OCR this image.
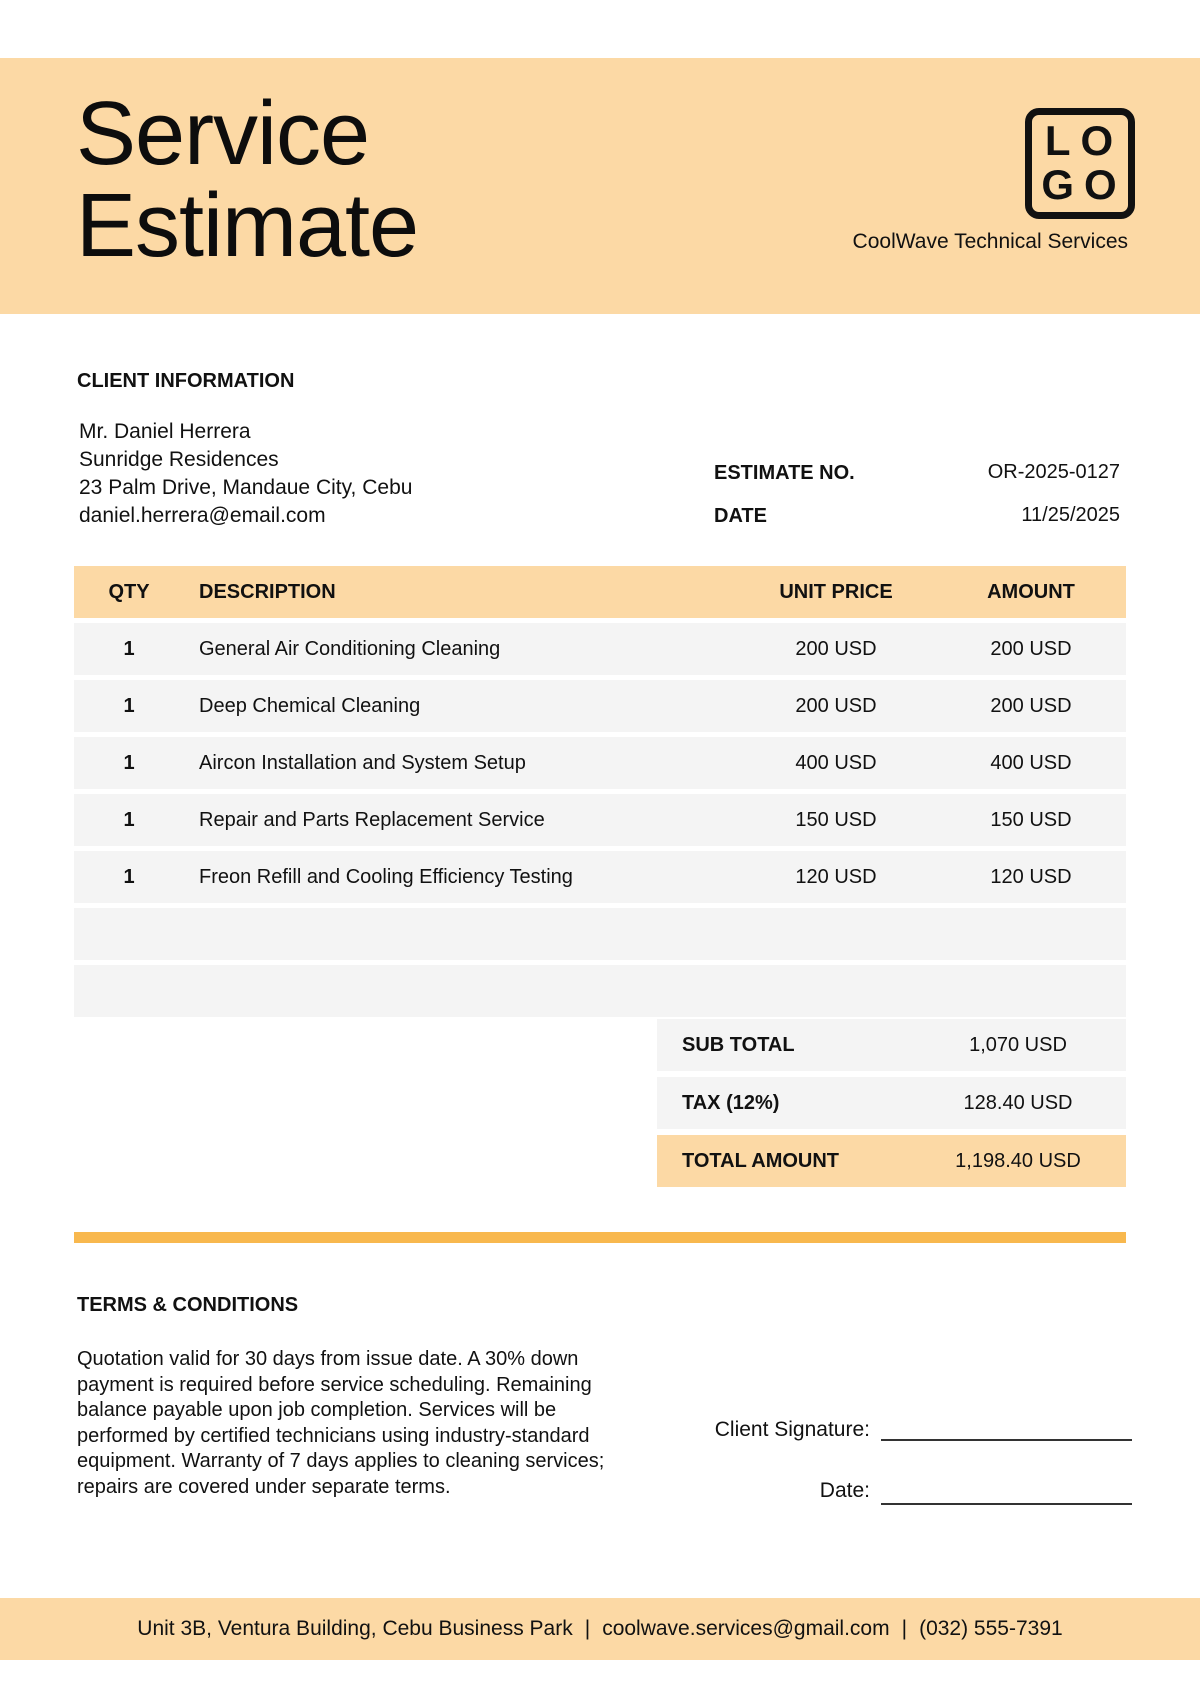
Service
Estimate
LO
GO
CoolWave Technical Services
CLIENT INFORMATION
Mr. Daniel Herrera
Sunridge Residences
23 Palm Drive, Mandaue City, Cebu
daniel.herrera@email.com
ESTIMATE NO.	OR-2025-0127
DATE	11/25/2025
QTY	DESCRIPTION	UNIT PRICE	AMOUNT
1	General Air Conditioning Cleaning	200 USD	200 USD
1	Deep Chemical Cleaning	200 USD	200 USD
1	Aircon Installation and System Setup	400 USD	400 USD
1	Repair and Parts Replacement Service	150 USD	150 USD
1	Freon Refill and Cooling Efficiency Testing	120 USD	120 USD
SUB TOTAL	1,070 USD
TAX (12%)	128.40 USD
TOTAL AMOUNT	1,198.40 USD
TERMS & CONDITIONS
Quotation valid for 30 days from issue date. A 30% down payment is required before service scheduling. Remaining balance payable upon job completion. Services will be performed by certified technicians using industry-standard equipment. Warranty of 7 days applies to cleaning services; repairs are covered under separate terms.
Client Signature:
Date:
Unit 3B, Ventura Building, Cebu Business Park | coolwave.services@gmail.com | (032) 555-7391
